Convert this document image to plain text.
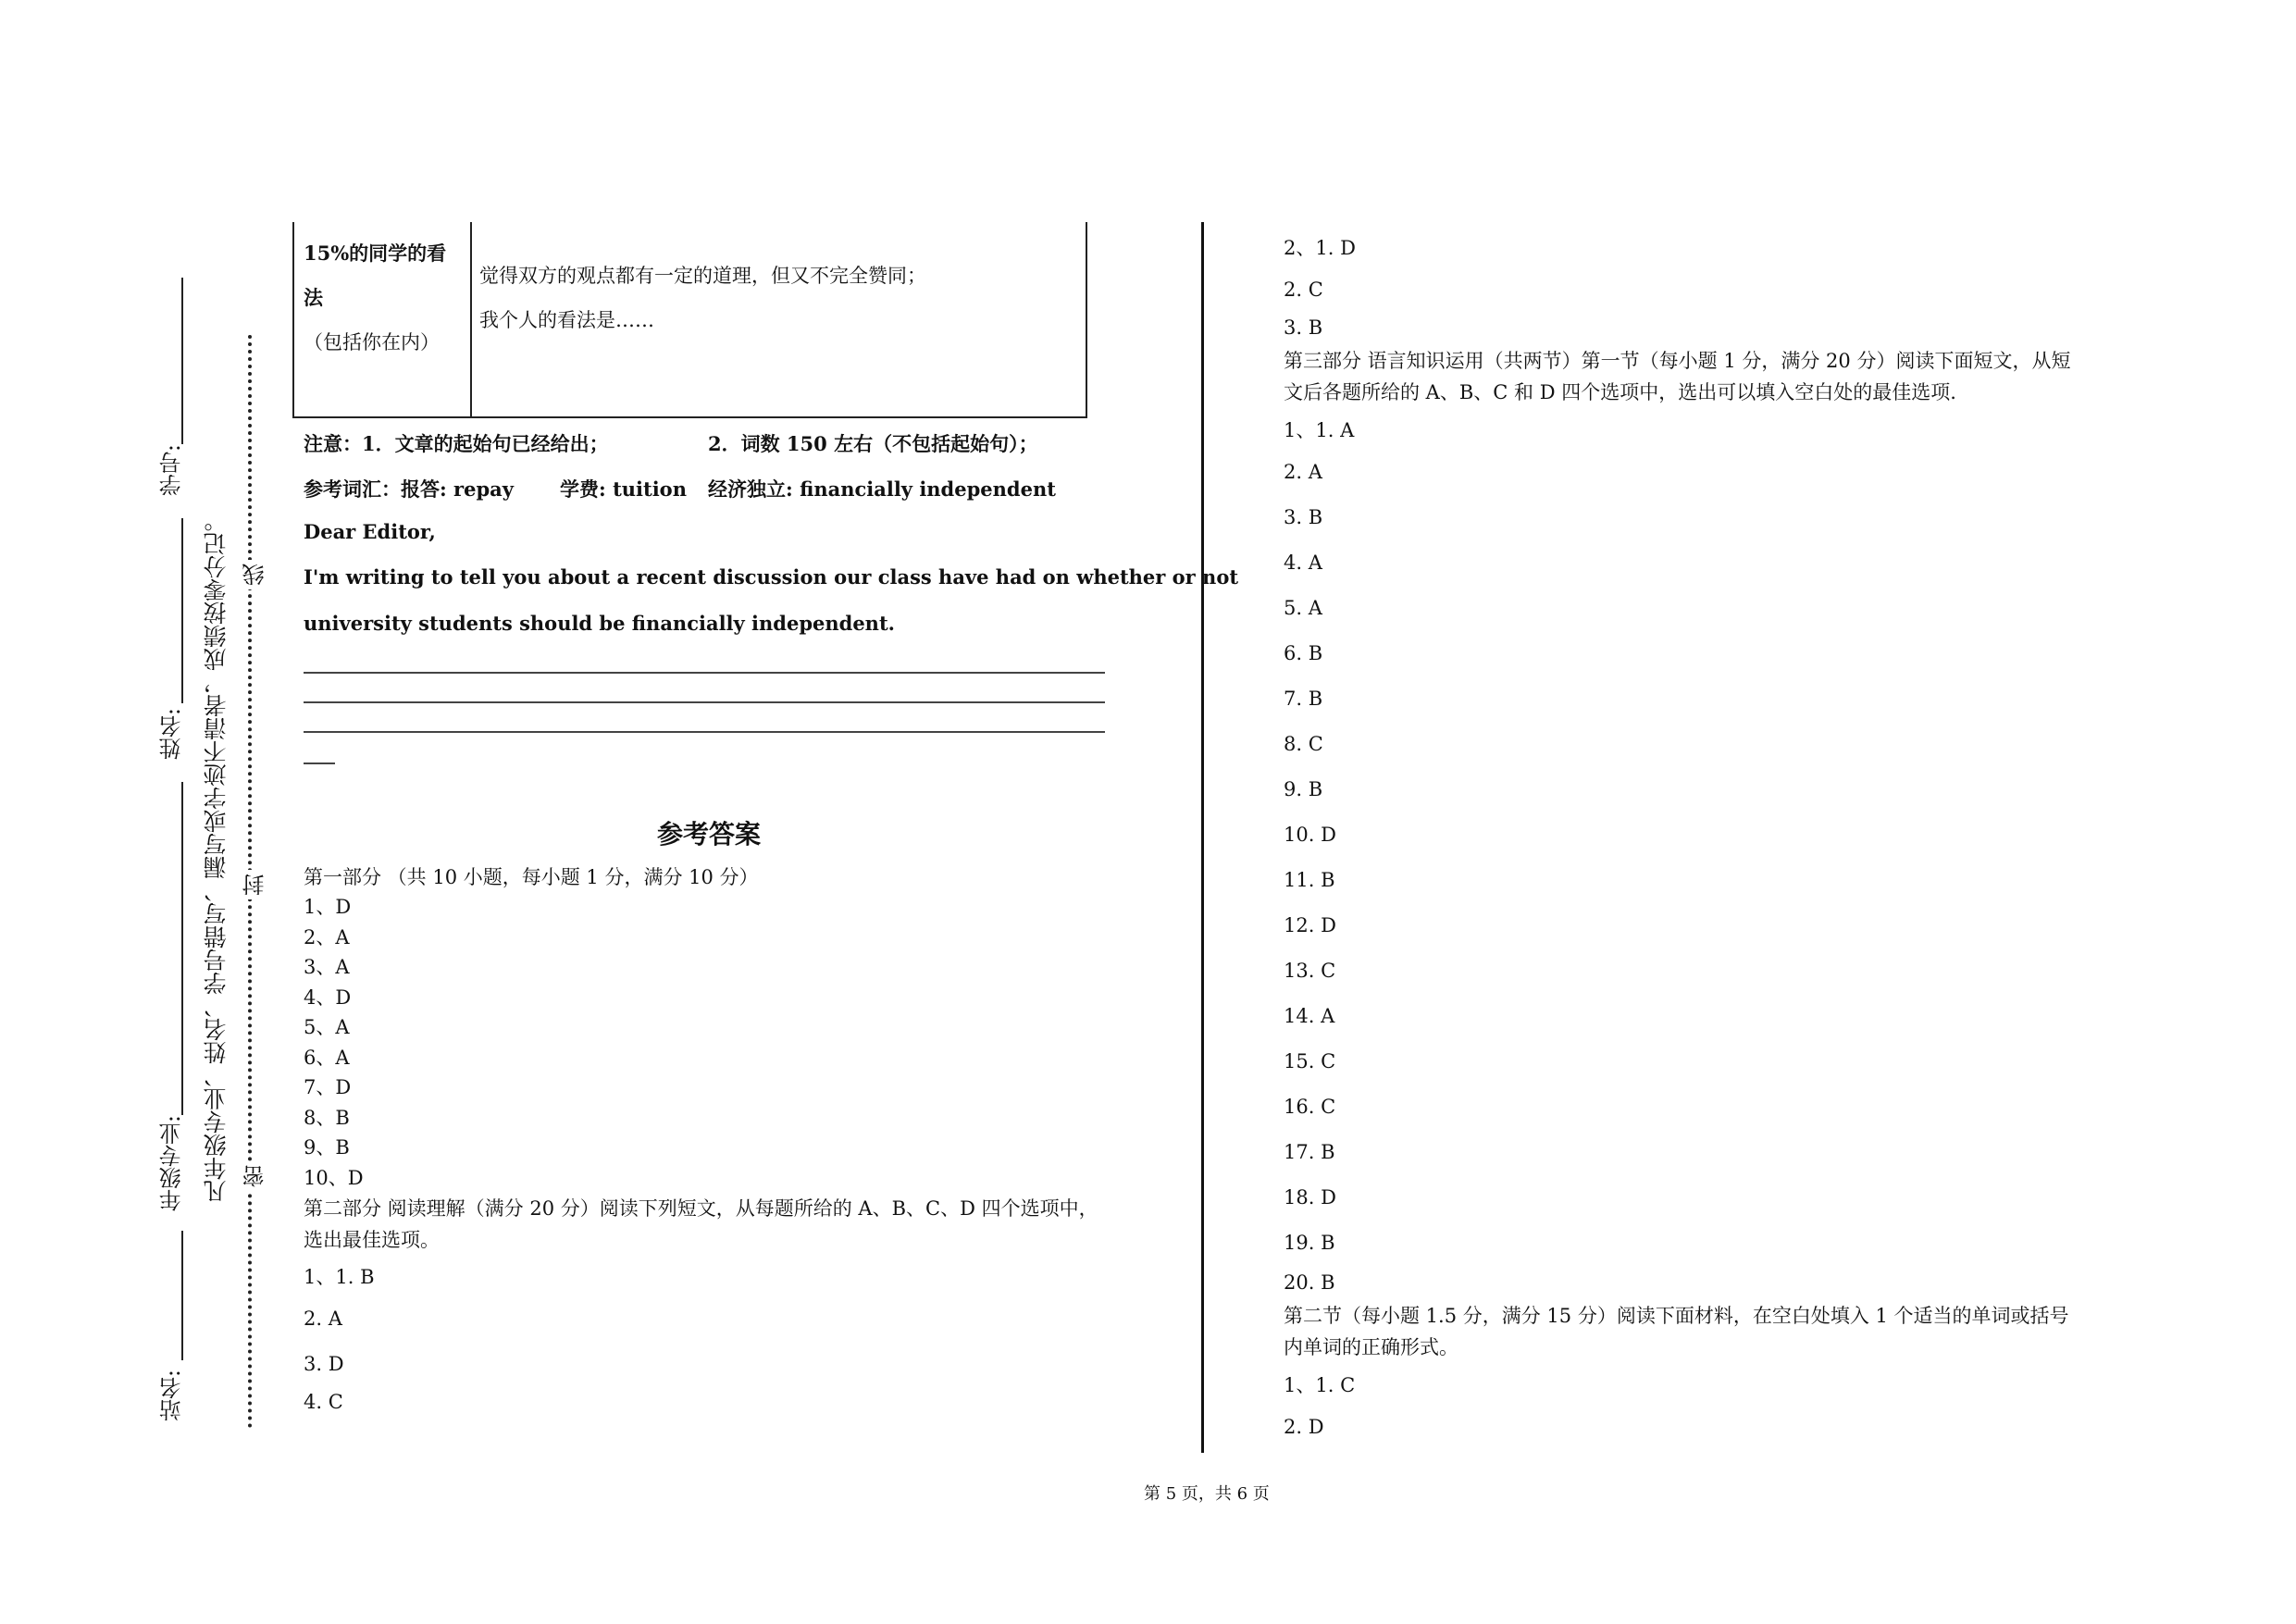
学号:
姓名:
年级专业:
站名:
凡年级专业、姓名、学号错写、漏写或字迹不清者，成绩按零分记。 线
封
密
15%的同学的看
法
（包括你在内）
觉得双方的观点都有一定的道理，但又不完全赞同；
我个人的看法是……
注意：1．文章的起始句已经给出；	2．词数 150 左右（不包括起始句）；
参考词汇：报答: repay 学费: tuition 经济独立: financially independent
Dear Editor,
I'm writing to tell you about a recent discussion our class have had on whether or not
university students should be financially independent.
参考答案
第一部分 （共 10 小题，每小题 1 分，满分 10 分）
1、D
2、A
3、A
4、D
5、A
6、A
7、D
8、B
9、B
10、D
第二部分 阅读理解（满分 20 分）阅读下列短文，从每题所给的 A、B、C、D 四个选项中，
选出最佳选项。
1、1. B
2. A
3. D
4. C
2、1. D
2. C
3. B
第三部分 语言知识运用（共两节）第一节（每小题 1 分，满分 20 分）阅读下面短文，从短
文后各题所给的 A、B、C 和 D 四个选项中，选出可以填入空白处的最佳选项.
1、1. A
2. A
3. B
4. A
5. A
6. B
7. B
8. C
9. B
10. D
11. B
12. D
13. C
14. A
15. C
16. C
17. B
18. D
19. B
20. B
第二节（每小题 1.5 分，满分 15 分）阅读下面材料，在空白处填入 1 个适当的单词或括号
内单词的正确形式。
1、1. C
2. D
第 5 页，共 6 页
